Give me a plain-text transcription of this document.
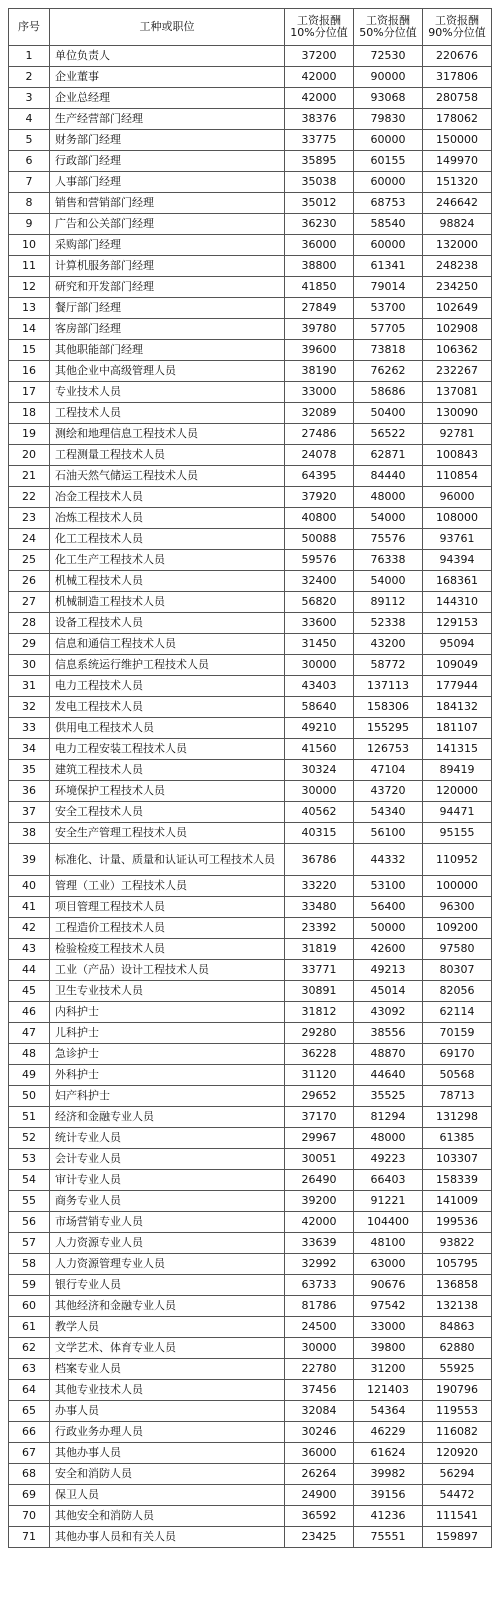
序号	工种或职位	工资报酬 10%分位值	工资报酬 50%分位值	工资报酬 90%分位值
1	单位负责人	37200	72530	220676
2	企业董事	42000	90000	317806
3	企业总经理	42000	93068	280758
4	生产经营部门经理	38376	79830	178062
5	财务部门经理	33775	60000	150000
6	行政部门经理	35895	60155	149970
7	人事部门经理	35038	60000	151320
8	销售和营销部门经理	35012	68753	246642
9	广告和公关部门经理	36230	58540	98824
10	采购部门经理	36000	60000	132000
11	计算机服务部门经理	38800	61341	248238
12	研究和开发部门经理	41850	79014	234250
13	餐厅部门经理	27849	53700	102649
14	客房部门经理	39780	57705	102908
15	其他职能部门经理	39600	73818	106362
16	其他企业中高级管理人员	38190	76262	232267
17	专业技术人员	33000	58686	137081
18	工程技术人员	32089	50400	130090
19	测绘和地理信息工程技术人员	27486	56522	92781
20	工程测量工程技术人员	24078	62871	100843
21	石油天然气储运工程技术人员	64395	84440	110854
22	冶金工程技术人员	37920	48000	96000
23	冶炼工程技术人员	40800	54000	108000
24	化工工程技术人员	50088	75576	93761
25	化工生产工程技术人员	59576	76338	94394
26	机械工程技术人员	32400	54000	168361
27	机械制造工程技术人员	56820	89112	144310
28	设备工程技术人员	33600	52338	129153
29	信息和通信工程技术人员	31450	43200	95094
30	信息系统运行维护工程技术人员	30000	58772	109049
31	电力工程技术人员	43403	137113	177944
32	发电工程技术人员	58640	158306	184132
33	供用电工程技术人员	49210	155295	181107
34	电力工程安装工程技术人员	41560	126753	141315
35	建筑工程技术人员	30324	47104	89419
36	环境保护工程技术人员	30000	43720	120000
37	安全工程技术人员	40562	54340	94471
38	安全生产管理工程技术人员	40315	56100	95155
39	标准化、计量、质量和认证认可工程技术人员	36786	44332	110952
40	管理（工业）工程技术人员	33220	53100	100000
41	项目管理工程技术人员	33480	56400	96300
42	工程造价工程技术人员	23392	50000	109200
43	检验检疫工程技术人员	31819	42600	97580
44	工业（产品）设计工程技术人员	33771	49213	80307
45	卫生专业技术人员	30891	45014	82056
46	内科护士	31812	43092	62114
47	儿科护士	29280	38556	70159
48	急诊护士	36228	48870	69170
49	外科护士	31120	44640	50568
50	妇产科护士	29652	35525	78713
51	经济和金融专业人员	37170	81294	131298
52	统计专业人员	29967	48000	61385
53	会计专业人员	30051	49223	103307
54	审计专业人员	26490	66403	158339
55	商务专业人员	39200	91221	141009
56	市场营销专业人员	42000	104400	199536
57	人力资源专业人员	33639	48100	93822
58	人力资源管理专业人员	32992	63000	105795
59	银行专业人员	63733	90676	136858
60	其他经济和金融专业人员	81786	97542	132138
61	教学人员	24500	33000	84863
62	文学艺术、体育专业人员	30000	39800	62880
63	档案专业人员	22780	31200	55925
64	其他专业技术人员	37456	121403	190796
65	办事人员	32084	54364	119553
66	行政业务办理人员	30246	46229	116082
67	其他办事人员	36000	61624	120920
68	安全和消防人员	26264	39982	56294
69	保卫人员	24900	39156	54472
70	其他安全和消防人员	36592	41236	111541
71	其他办事人员和有关人员	23425	75551	159897
